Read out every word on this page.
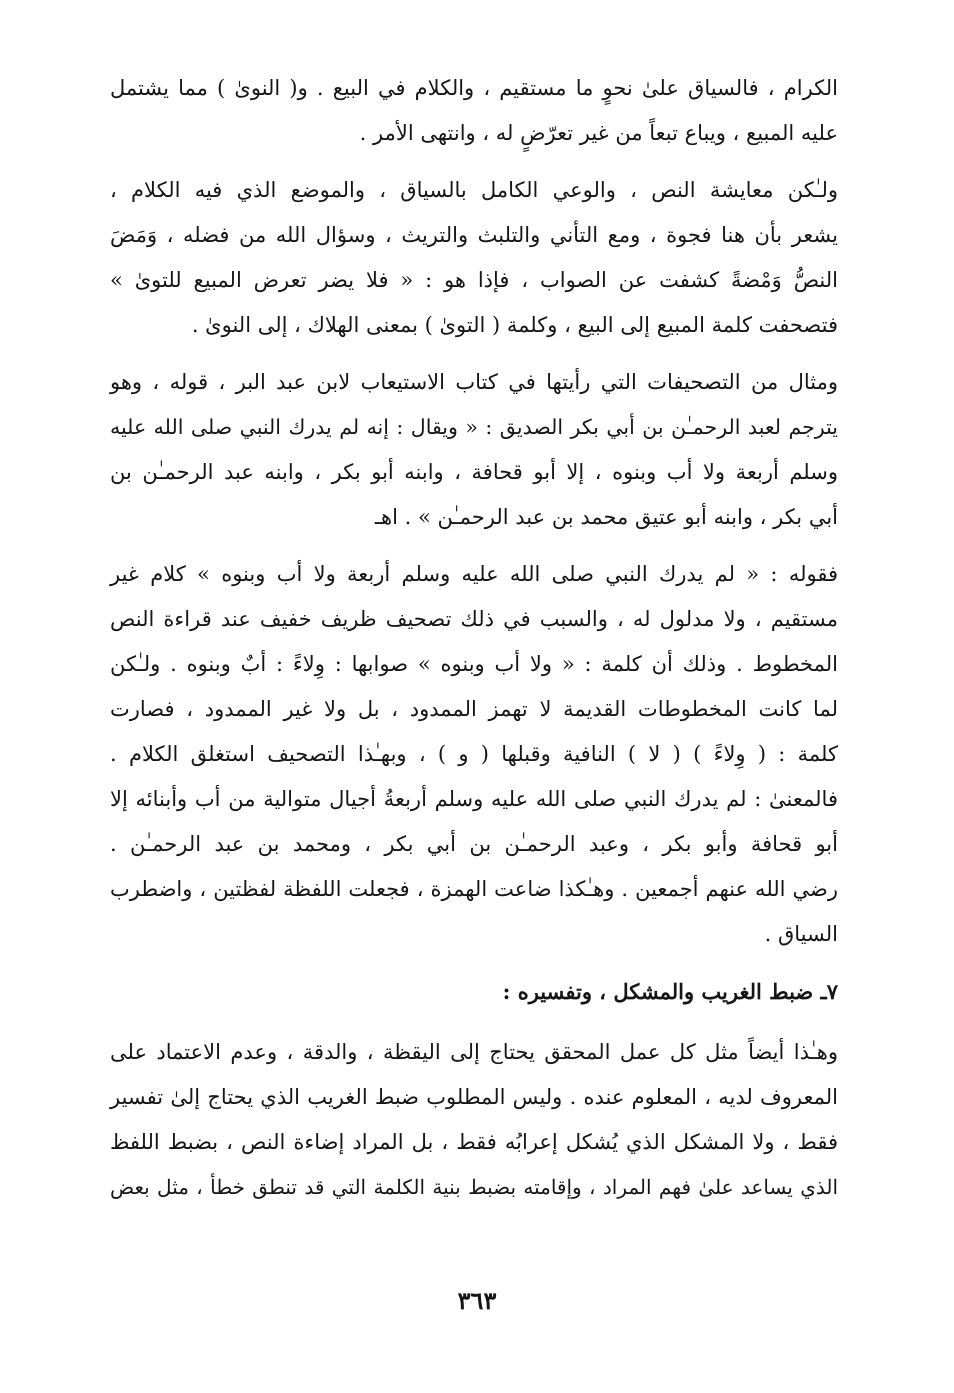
الكرام ، فالسياق علىٰ نحوٍ ما مستقيم ، والكلام في البيع . و( النوىٰ ) مما يشتمل
عليه المبيع ، ويباع تبعاً من غير تعرّضٍ له ، وانتهى الأمر .
ولـٰكن معايشة النص ، والوعي الكامل بالسياق ، والموضع الذي فيه الكلام ،
يشعر بأن هنا فجوة ، ومع التأني والتلبث والتريث ، وسؤال الله من فضله ، وَمَضَ
النصُّ وَمْضةً كشفت عن الصواب ، فإذا هو : « فلا يضر تعرض المبيع للتوىٰ »
فتصحفت كلمة المبيع إلى البيع ، وكلمة ( التوىٰ ) بمعنى الهلاك ، إلى النوىٰ .
ومثال من التصحيفات التي رأيتها في كتاب الاستيعاب لابن عبد البر ، قوله ، وهو
يترجم لعبد الرحمـٰن بن أبي بكر الصديق : « ويقال : إنه لم يدرك النبي صلى الله عليه
وسلم أربعة ولا أب وبنوه ، إلا أبو قحافة ، وابنه أبو بكر ، وابنه عبد الرحمـٰن بن
أبي بكر ، وابنه أبو عتيق محمد بن عبد الرحمـٰن » . اهـ
فقوله : « لم يدرك النبي صلى الله عليه وسلم أربعة ولا أب وبنوه » كلام غير
مستقيم ، ولا مدلول له ، والسبب في ذلك تصحيف ظريف خفيف عند قراءة النص
المخطوط . وذلك أن كلمة : « ولا أب وبنوه » صوابها : وِلاءً : أبٌ وبنوه . ولـٰكن
لما كانت المخطوطات القديمة لا تهمز الممدود ، بل ولا غير الممدود ، فصارت
كلمة : ( وِلاءً ) ( لا ) النافية وقبلها ( و ) ، وبهـٰذا التصحيف استغلق الكلام .
فالمعنىٰ : لم يدرك النبي صلى الله عليه وسلم أربعةُ أجيال متوالية من أب وأبنائه إلا
أبو قحافة وأبو بكر ، وعبد الرحمـٰن بن أبي بكر ، ومحمد بن عبد الرحمـٰن .
رضي الله عنهم أجمعين . وهـٰكذا ضاعت الهمزة ، فجعلت اللفظة لفظتين ، واضطرب
السياق .
٧ـ ضبط الغريب والمشكل ، وتفسيره :
وهـٰذا أيضاً مثل كل عمل المحقق يحتاج إلى اليقظة ، والدقة ، وعدم الاعتماد على
المعروف لديه ، المعلوم عنده . وليس المطلوب ضبط الغريب الذي يحتاج إلىٰ تفسير
فقط ، ولا المشكل الذي يُشكل إعرابُه فقط ، بل المراد إضاءة النص ، بضبط اللفظ
الذي يساعد علىٰ فهم المراد ، وإقامته بضبط بنية الكلمة التي قد تنطق خطأ ، مثل بعض
٣٦٣
